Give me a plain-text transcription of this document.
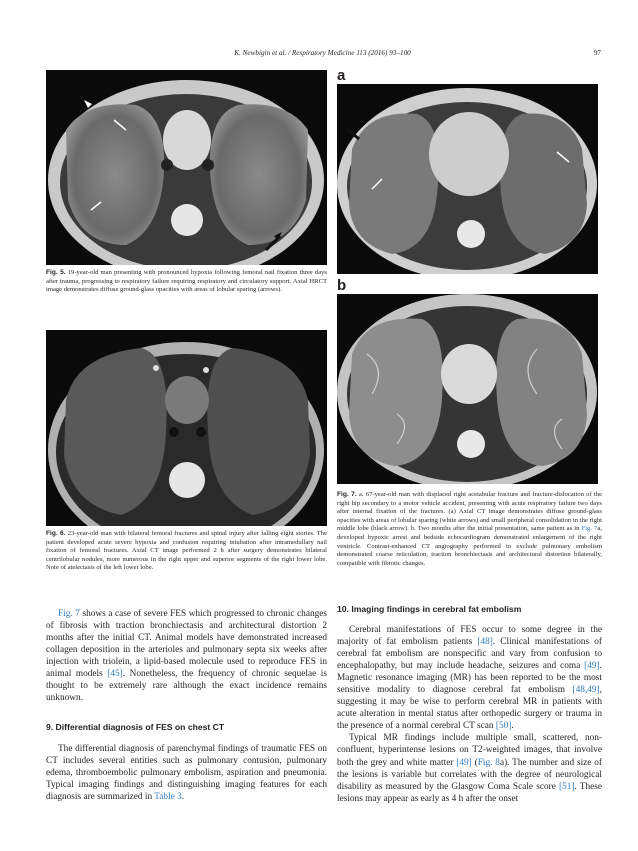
K. Newbigin et al. / Respiratory Medicine 113 (2016) 93–100	97
Fig. 5. 19-year-old man presenting with pronounced hypoxia following femoral nail fixation three days after trauma, progressing to respiratory failure requiring respiratory and circulatory support. Axial HRCT image demonstrates diffuse ground-glass opacities with areas of lobular sparing (arrows).
Fig. 6. 23-year-old man with bilateral femoral fractures and spinal injury after falling eight stories. The patient developed acute severe hypoxia and confusion requiring intubation after intramedullary nail fixation of femoral fractures. Axial CT image performed 2 h after surgery demonstrates bilateral centrilobular nodules, more numerous in the right upper and superior segments of the right lower lobe. Note of atelectasis of the left lower lobe.
a
b
Fig. 7. a. 67-year-old man with displaced right acetabular fracture and fracture-dislocation of the right hip secondary to a motor vehicle accident, presenting with acute respiratory failure two days after internal fixation of the fractures. (a) Axial CT image demonstrates diffuse ground-glass opacities with areas of lobular sparing (white arrows) and small peripheral consolidation in the right middle lobe (black arrow). b. Two months after the initial presentation, same patient as in Fig. 7a, developed hypoxic arrest and bedside echocardiogram demonstrated enlargement of the right ventricle. Contrast-enhanced CT angiography performed to exclude pulmonary embolism demonstrated coarse reticulation, traction bronchiectasis and architectural distortion bilaterally, compatible with fibrotic changes.

Fig. 7 shows a case of severe FES which progressed to chronic changes of fibrosis with traction bronchiectasis and architectural distortion 2 months after the initial CT. Animal models have demonstrated increased collagen deposition in the arterioles and pulmonary septa six weeks after injection with triolein, a lipid-based molecule used to reproduce FES in animal models [45]. Nonetheless, the frequency of chronic sequelae is thought to be extremely rare although the exact incidence remains unknown.

9. Differential diagnosis of FES on chest CT

The differential diagnosis of parenchymal findings of traumatic FES on CT includes several entities such as pulmonary contusion, pulmonary edema, thromboembolic pulmonary embolism, aspiration and pneumonia. Typical imaging findings and distinguishing imaging features for each diagnosis are summarized in Table 3.

10. Imaging findings in cerebral fat embolism

Cerebral manifestations of FES occur to some degree in the majority of fat embolism patients [48]. Clinical manifestations of cerebral fat embolism are nonspecific and vary from confusion to encephalopathy, but may include headache, seizures and coma [49]. Magnetic resonance imaging (MR) has been reported to be the most sensitive modality to diagnose cerebral fat embolism [48,49], suggesting it may be wise to perform cerebral MR in patients with acute alteration in mental status after orthopedic surgery or trauma in the presence of a normal cerebral CT scan [50].

Typical MR findings include multiple small, scattered, non-confluent, hyperintense lesions on T2-weighted images, that involve both the grey and white matter [49] (Fig. 8a). The number and size of the lesions is variable but correlates with the degree of neurological disability as measured by the Glasgow Coma Scale score [51]. These lesions may appear as early as 4 h after the onset
